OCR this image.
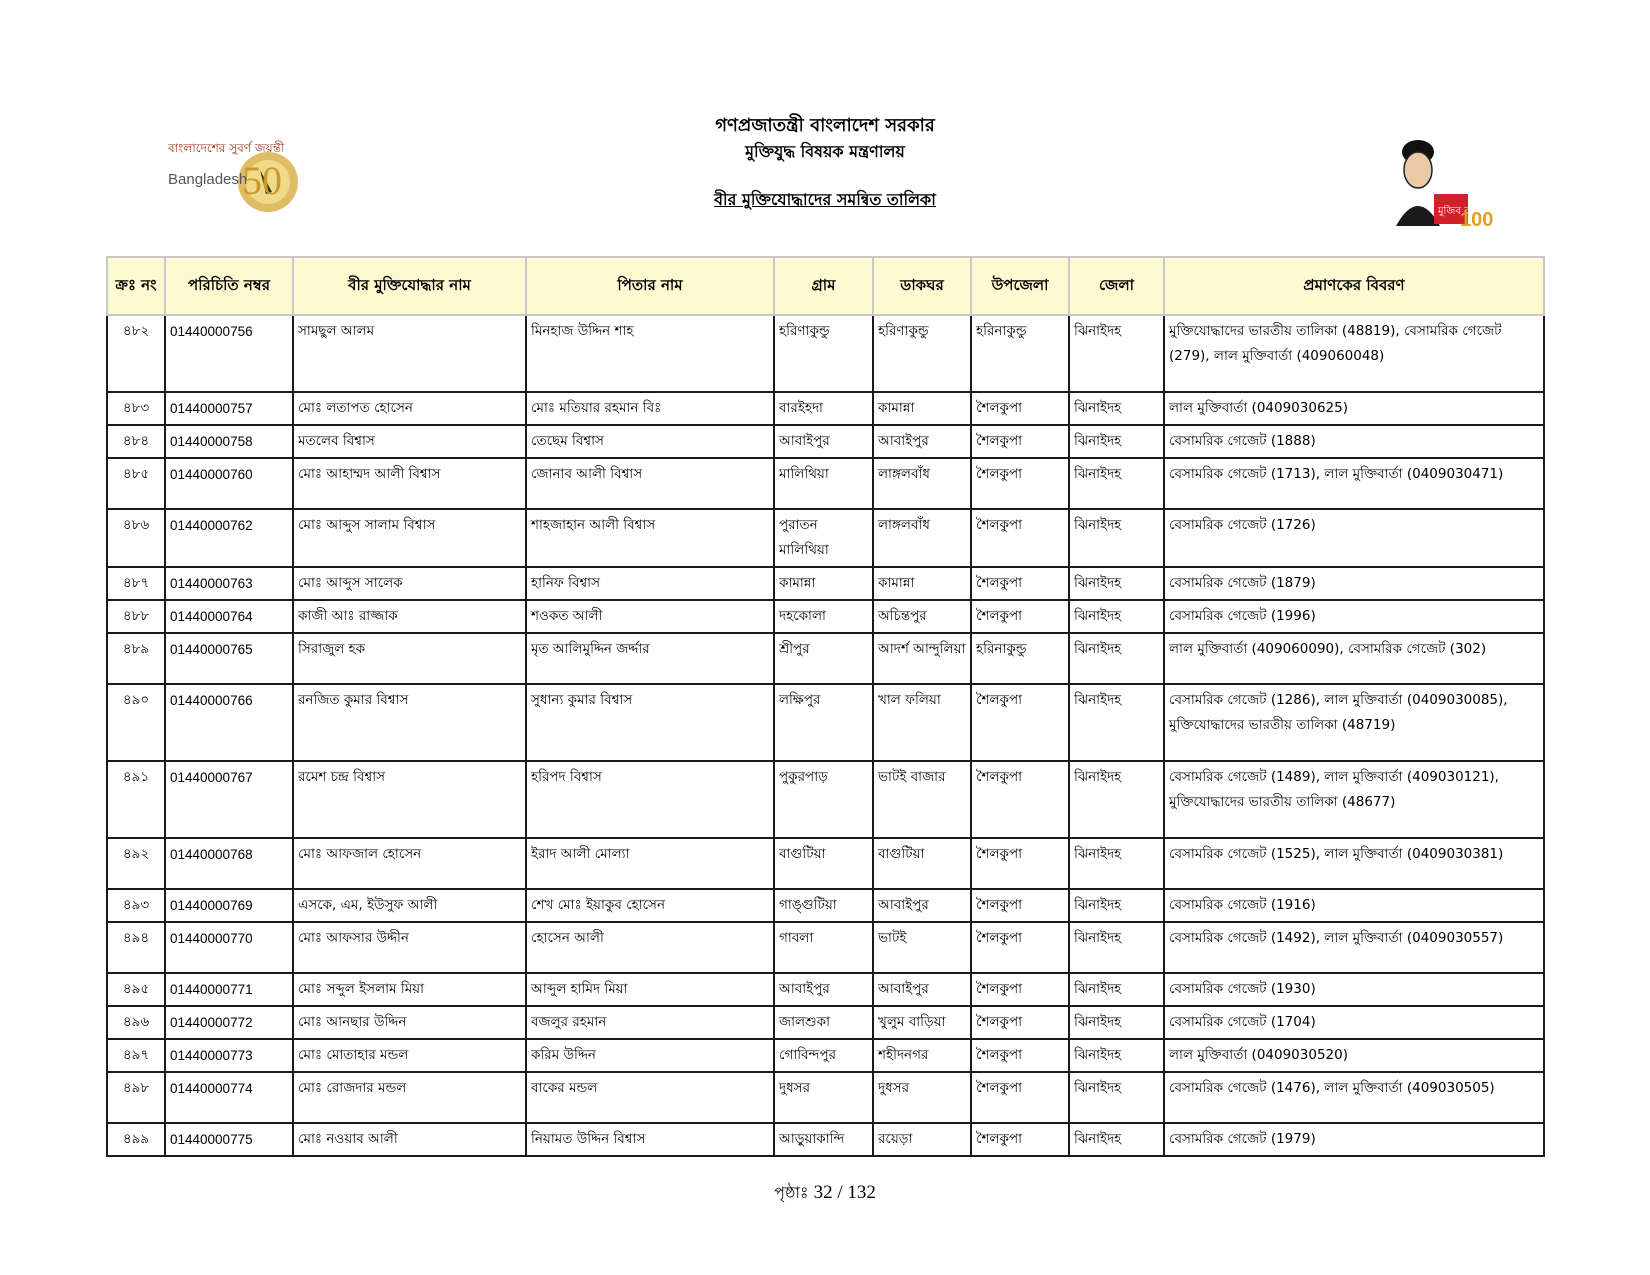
50
বাংলাদেশের সুবর্ণ জয়ন্তী
Bangladesh
মুজিব বর্ষ
100
গণপ্রজাতন্ত্রী বাংলাদেশ সরকার
মুক্তিযুদ্ধ বিষয়ক মন্ত্রণালয়
বীর মুক্তিযোদ্ধাদের সমন্বিত তালিকা
ক্রঃ নং	পরিচিতি নম্বর	বীর মুক্তিযোদ্ধার নাম	পিতার নাম	গ্রাম	ডাকঘর	উপজেলা	জেলা	প্রমাণকের বিবরণ
৪৮২	01440000756	সামছুল আলম	মিনহাজ উদ্দিন শাহ	হরিণাকুন্ডু	হরিণাকুন্ডু	হরিনাকুন্ডু	ঝিনাইদহ	মুক্তিযোদ্ধাদের ভারতীয় তালিকা (48819), বেসামরিক গেজেট (279), লাল মুক্তিবার্তা (409060048)
৪৮৩	01440000757	মোঃ লতাপত হোসেন	মোঃ মতিয়ার রহমান বিঃ	বারইহদা	কামান্না	শৈলকুপা	ঝিনাইদহ	লাল মুক্তিবার্তা (0409030625)
৪৮৪	01440000758	মতলেব বিশ্বাস	তেছেম বিশ্বাস	আবাইপুর	আবাইপুর	শৈলকুপা	ঝিনাইদহ	বেসামরিক গেজেট (1888)
৪৮৫	01440000760	মোঃ আহাম্মদ আলী বিশ্বাস	জোনাব আলী বিশ্বাস	মালিথিয়া	লাঙ্গলবাঁধ	শৈলকুপা	ঝিনাইদহ	বেসামরিক গেজেট (1713), লাল মুক্তিবার্তা (0409030471)
৪৮৬	01440000762	মোঃ আব্দুস সালাম বিশ্বাস	শাহজাহান আলী বিশ্বাস	পুরাতন মালিথিয়া	লাঙ্গলবাঁধ	শৈলকুপা	ঝিনাইদহ	বেসামরিক গেজেট (1726)
৪৮৭	01440000763	মোঃ আব্দুস সালেক	হানিফ বিশ্বাস	কামান্না	কামান্না	শৈলকুপা	ঝিনাইদহ	বেসামরিক গেজেট (1879)
৪৮৮	01440000764	কাজী আঃ রাজ্জাক	শওকত আলী	দহকোলা	অচিন্তপুর	শৈলকুপা	ঝিনাইদহ	বেসামরিক গেজেট (1996)
৪৮৯	01440000765	সিরাজুল হক	মৃত আলিমুদ্দিন জর্দ্দার	শ্রীপুর	আদর্শ আন্দুলিয়া	হরিনাকুন্ডু	ঝিনাইদহ	লাল মুক্তিবার্তা (409060090), বেসামরিক গেজেট (302)
৪৯০	01440000766	রনজিত কুমার বিশ্বাস	সুধান্য কুমার বিশ্বাস	লক্ষিপুর	খাল ফলিয়া	শৈলকুপা	ঝিনাইদহ	বেসামরিক গেজেট (1286), লাল মুক্তিবার্তা (0409030085), মুক্তিযোদ্ধাদের ভারতীয় তালিকা (48719)
৪৯১	01440000767	রমেশ চন্দ্র বিশ্বাস	হরিপদ বিশ্বাস	পুকুরপাড়	ভাটই বাজার	শৈলকুপা	ঝিনাইদহ	বেসামরিক গেজেট (1489), লাল মুক্তিবার্তা (409030121), মুক্তিযোদ্ধাদের ভারতীয় তালিকা (48677)
৪৯২	01440000768	মোঃ আফজাল হোসেন	ইরাদ আলী মোল্যা	বাগুটিয়া	বাগুটিয়া	শৈলকুপা	ঝিনাইদহ	বেসামরিক গেজেট (1525), লাল মুক্তিবার্তা (0409030381)
৪৯৩	01440000769	এসকে, এম, ইউসুফ আলী	শেখ মোঃ ইয়াকুব হোসেন	গাঙ্গুটিয়া	আবাইপুর	শৈলকুপা	ঝিনাইদহ	বেসামরিক গেজেট (1916)
৪৯৪	01440000770	মোঃ আফসার উদ্দীন	হোসেন আলী	গাবলা	ভাটই	শৈলকুপা	ঝিনাইদহ	বেসামরিক গেজেট (1492), লাল মুক্তিবার্তা (0409030557)
৪৯৫	01440000771	মোঃ সব্দুল ইসলাম মিয়া	আব্দুল হামিদ মিয়া	আবাইপুর	আবাইপুর	শৈলকুপা	ঝিনাইদহ	বেসামরিক গেজেট (1930)
৪৯৬	01440000772	মোঃ আনছার উদ্দিন	বজলুর রহমান	জালশুকা	খুলুম বাড়িয়া	শৈলকুপা	ঝিনাইদহ	বেসামরিক গেজেট (1704)
৪৯৭	01440000773	মোঃ মোতাহার মন্ডল	করিম উদ্দিন	গোবিন্দপুর	শহীদনগর	শৈলকুপা	ঝিনাইদহ	লাল মুক্তিবার্তা (0409030520)
৪৯৮	01440000774	মোঃ রোজদার মন্ডল	বাকের মন্ডল	দুধসর	দুধসর	শৈলকুপা	ঝিনাইদহ	বেসামরিক গেজেট (1476), লাল মুক্তিবার্তা (409030505)
৪৯৯	01440000775	মোঃ নওয়াব আলী	নিয়ামত উদ্দিন বিশ্বাস	আড়ুয়াকান্দি	রয়েড়া	শৈলকুপা	ঝিনাইদহ	বেসামরিক গেজেট (1979)
পৃষ্ঠাঃ 32 / 132
